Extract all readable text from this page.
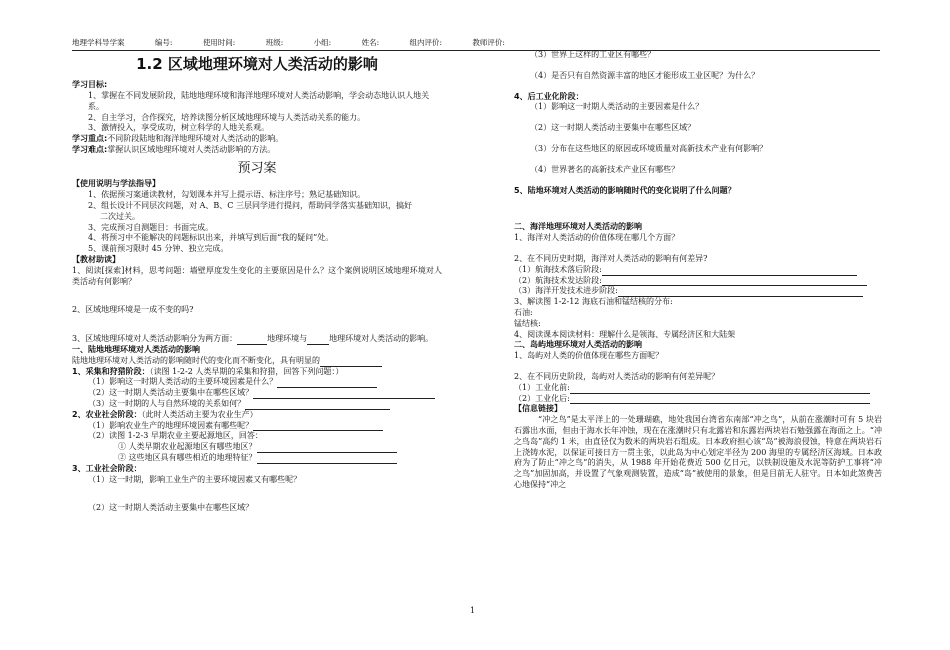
地理学科导学案	编号:	使用时间:	班级:	小组:	姓名:	组内评价:	教师评价:
1.2 区域地理环境对人类活动的影响

学习目标:

1、掌握在不同发展阶段，陆地地理环境和海洋地理环境对人类活动影响，学会动态地认识人地关系。

2、自主学习，合作探究，培养读图分析区域地理环境与人类活动关系的能力。

3、激情投入，享受成功，树立科学的人地关系观。

学习重点:不同阶段陆地和海洋地理环境对人类活动的影响。

学习难点:掌握认识区域地理环境对人类活动影响的方法。

预习案

【使用说明与学法指导】

1、依据预习案通读教材，勾划课本并写上提示语、标注序号；熟记基础知识。

2、组长设计不同层次问题，对 A、B、C 三层同学进行提问，帮助同学落实基础知识，搞好

二次过关。

3、完成预习自测题目：书面完成。

4、将预习中不能解决的问题标识出来，并填写到后面“我的疑问”处。

5、课前预习限时 45 分钟、独立完成。

【教材助读】

1、阅读[探索]材料，思考问题：墙壁厚度发生变化的主要原因是什么？这个案例说明区域地理环境对人类活动有何影响？

2、区域地理环境是一成不变的吗?

3、区域地理环境对人类活动影响分为两方面：	地理环境与	地理环境对人类活动的影响。

一、陆地地理环境对人类活动的影响

陆地地理环境对人类活动的影响随时代的变化而不断变化，具有明显的

1、采集和狩猎阶段：（读图 1-2-2 人类早期的采集和狩猎，回答下列问题：）

（1）影响这一时期人类活动的主要环境因素是什么？

（2）这一时期人类活动主要集中在哪些区域？

（3）这一时期的人与自然环境的关系如何？

2、农业社会阶段：（此时人类活动主要为农业生产）

（1）影响农业生产的地理环境因素有哪些呢？

（2）读图 1-2-3 早期农业主要起源地区，回答：

① 人类早期农业起源地区有哪些地区？

② 这些地区具有哪些相近的地理特征？

3、工业社会阶段：

（1）这一时期，影响工业生产的主要环境因素又有哪些呢？

（2）这一时期人类活动主要集中在哪些区域？

（3）世界上这样的工业区有哪些？

（4）是否只有自然资源丰富的地区才能形成工业区呢？为什么？

4、后工业化阶段：

（1）影响这一时期人类活动的主要因素是什么？

（2）这一时期人类活动主要集中在哪些区域？

（3）分布在这些地区的原因或环境质量对高新技术产业有何影响？

（4）世界著名的高新技术产业区有哪些？

5、陆地环境对人类活动的影响随时代的变化说明了什么问题？

二、海洋地理环境对人类活动的影响

1、海洋对人类活动的价值体现在哪几个方面？

2、在不同历史时期，海洋对人类活动的影响有何差异?

（1）航海技术落后阶段:

（2）航海技术发达阶段:

（3）海洋开发技术进步阶段:

3、解读图 1-2-12 海底石油和锰结核的分布:

石油:

锰结核:

4、阅读课本阅读材料：理解什么是领海、专属经济区和大陆架

二、岛屿地理环境对人类活动的影响

1、岛屿对人类的价值体现在哪些方面呢？

2、在不同历史阶段，岛屿对人类活动的影响有何差异呢？

（1）工业化前:

（2）工业化后:

【信息链接】

“冲之鸟”是太平洋上的一处珊瑚礁，地处我国台湾省东南部“冲之鸟”，从前在涨潮时可有 5 块岩石露出水面，但由于海水长年冲蚀，现在在涨潮时只有北露岩和东露岩两块岩石勉强露在海面之上。“冲之鸟岛”高约 1 米，由直径仅为数米的两块岩石组成。日本政府担心该“岛”被海浪侵蚀，特意在两块岩石上浇铸水泥，以保证可接日方一贯主张，以此岛为中心划定半径为 200 海里的专属经济区海域。日本政府为了防止“冲之鸟”的消失，从 1988 年开始花费近 500 亿日元，以铁制设施及水泥等防护工事将“冲之鸟”加固加高，并设置了气象观测装置，造成“岛”被使用的景象，但是目前无人驻守。日本如此煞费苦心地保持“冲之

1
